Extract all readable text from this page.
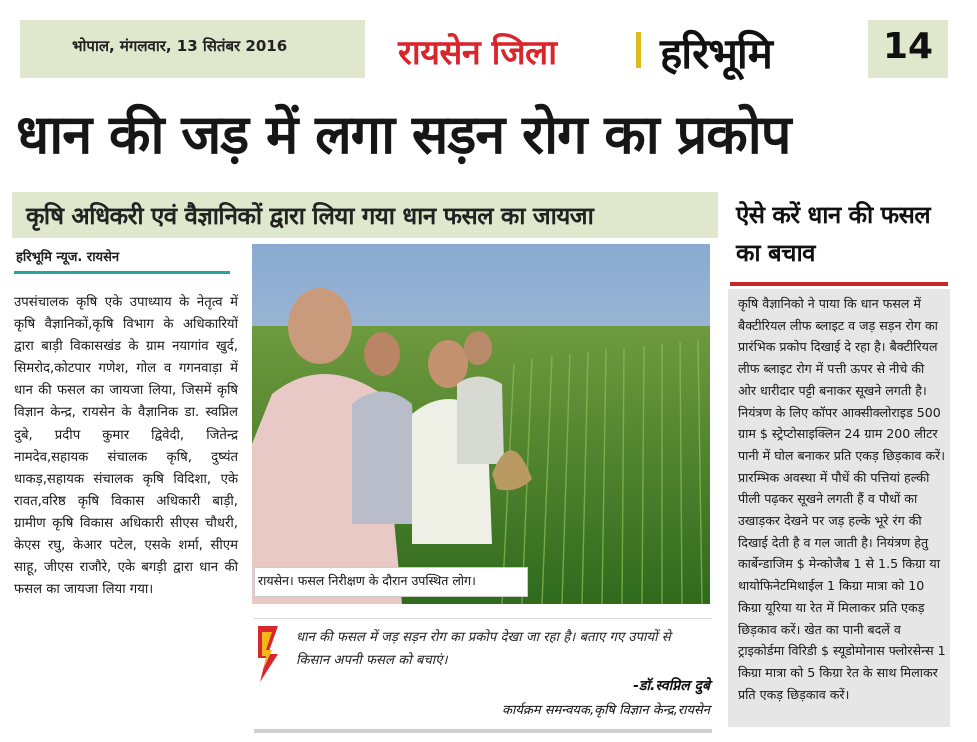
भोपाल, मंगलवार, 13 सितंबर 2016	रायसेन जिला हरिभूमि	14
धान की जड़ में लगा सड़न रोग का प्रकोप
कृषि अधिकरी एवं वैज्ञानिकों द्वारा लिया गया धान फसल का जायजा
हरिभूमि न्यूज. रायसेन
उपसंचालक कृषि एके उपाध्याय के नेतृत्व में कृषि वैज्ञानिकों,कृषि विभाग के अधिकारियों द्वारा बाड़ी विकासखंड के ग्राम नयागांव खुर्द, सिमरोद,कोटपार गणेश, गोल व गगनवाड़ा में धान की फसल का जायजा लिया, जिसमें कृषि विज्ञान केन्द्र, रायसेन के वैज्ञानिक डा. स्वप्निल दुबे, प्रदीप कुमार द्विवेदी, जितेन्द्र नामदेव,सहायक संचालक कृषि, दुष्यंत धाकड़,सहायक संचालक कृषि विदिशा, एके रावत,वरिष्ठ कृषि विकास अधिकारी बाड़ी, ग्रामीण कृषि विकास अधिकारी सीएस चौधरी, केएस रघु, केआर पटेल, एसके शर्मा, सीएम साहू, जीएस राजौरे, एके बगड़ी द्वारा धान की फसल का जायजा लिया गया।
रायसेन। फसल निरीक्षण के दौरान उपस्थित लोग।
धान की फसल में जड़ सड़न रोग का प्रकोप देखा जा रहा है। बताए गए उपायों से किसान अपनी फसल को बचाएं।
-डॉ.स्वप्निल दुबे
कार्यक्रम समन्वयक,कृषि विज्ञान केन्द्र,रायसेन
ऐसे करें धान की फसल का बचाव
कृषि वैज्ञानिको ने पाया कि धान फसल में बैक्टीरियल लीफ ब्लाइट व जड़ सड़न रोग का प्रारंभिक प्रकोप दिखाई दे रहा है। बैक्टीरियल लीफ ब्लाइट रोग में पत्ती ऊपर से नीचे की ओर धारीदार पट्टी बनाकर सूखने लगती है। नियंत्रण के लिए कॉपर आक्सीक्लोराइड 500 ग्राम $ स्ट्रेप्टोसाइक्लिन 24 ग्राम 200 लीटर पानी में घोल बनाकर प्रति एकड़ छिड़काव करें। प्रारम्भिक अवस्था में पौधें की पत्तियां हल्की पीली पढ़कर सूखने लगती हैं व पौधों का उखाड़कर देखने पर जड़ हल्के भूरे रंग की दिखाई देती है व गल जाती है। नियंत्रण हेतु कार्बेन्डाजिम $ मेन्कोजैब 1 से 1.5 किग्रा या थायोफिनेटमिथाईल 1 किग्रा मात्रा को 10 किग्रा यूरिया या रेत में मिलाकर प्रति एकड़ छिड़काव करें। खेत का पानी बदलें व ट्राइकोर्डमा विरिडी $ स्यूडोमोनास फ्लोरसेन्स 1 किग्रा मात्रा को 5 किग्रा रेत के साथ मिलाकर प्रति एकड़ छिड़काव करें।
